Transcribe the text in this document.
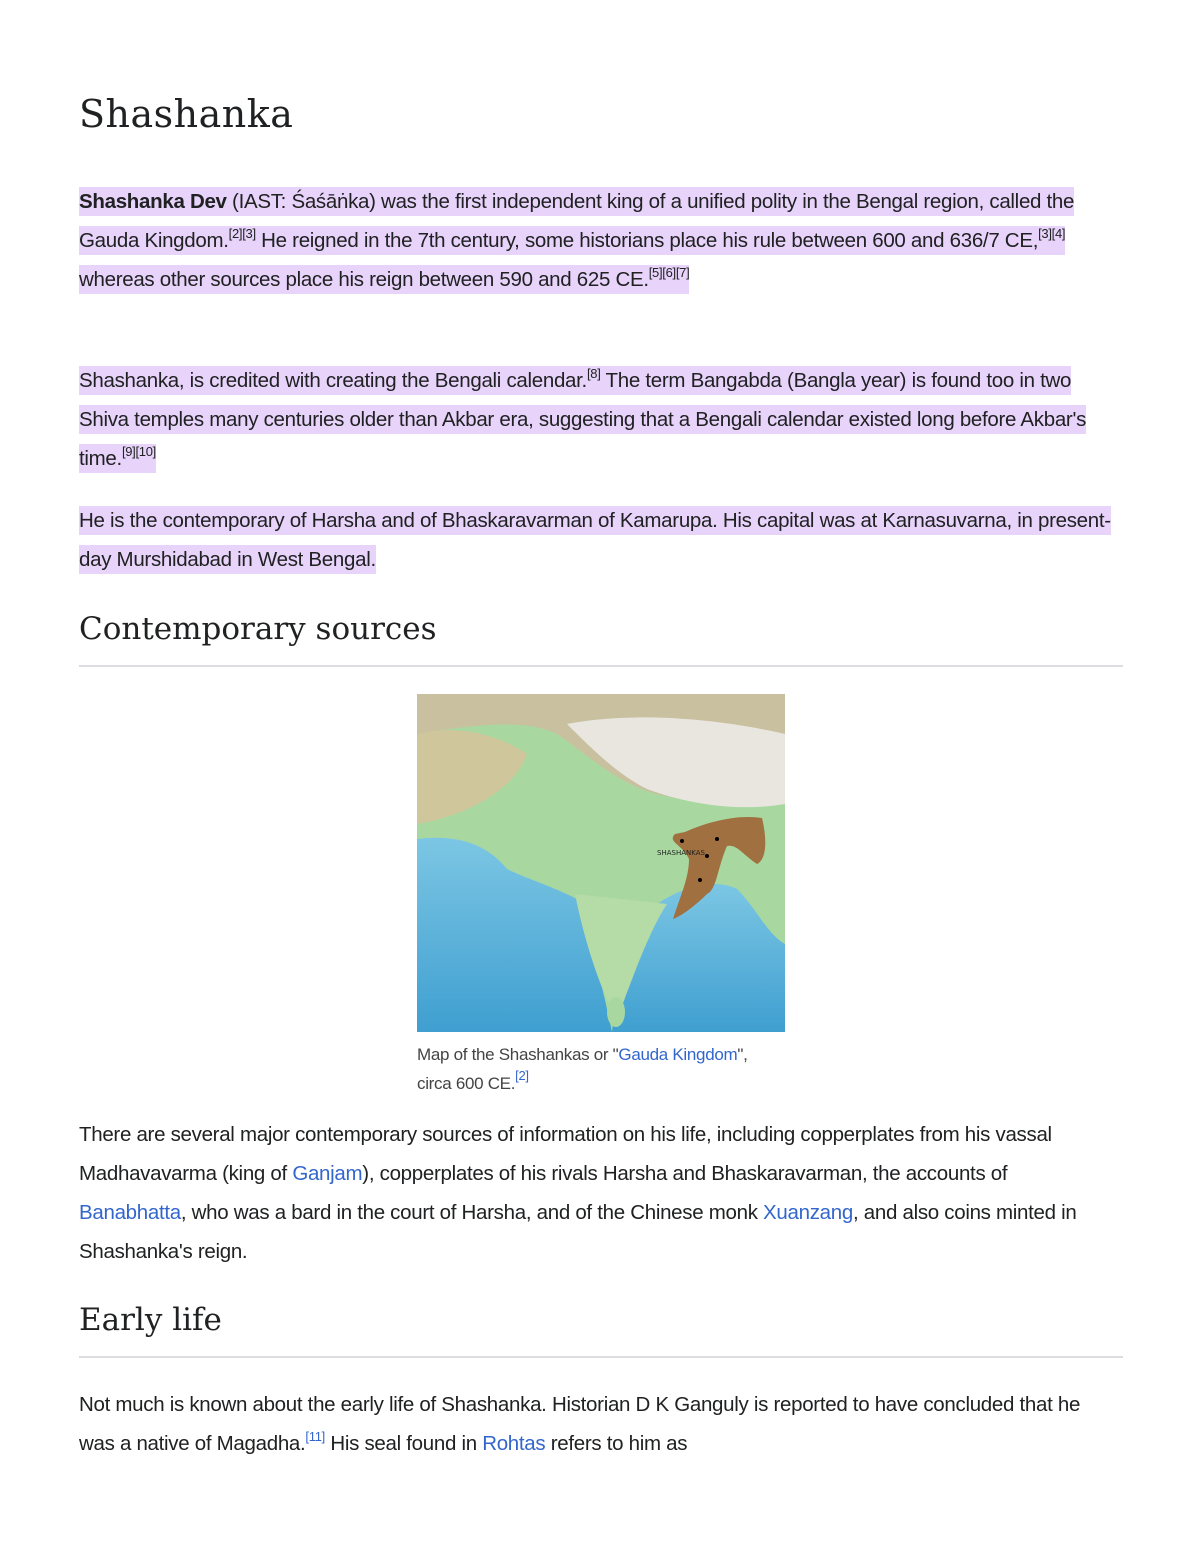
Shashanka

Shashanka Dev (IAST: Śaśāṅka) was the first independent king of a unified polity in the Bengal region, called the Gauda Kingdom.[2][3] He reigned in the 7th century, some historians place his rule between 600 and 636/7 CE,[3][4] whereas other sources place his reign between 590 and 625 CE.[5][6][7]

Shashanka, is credited with creating the Bengali calendar.[8] The term Bangabda (Bangla year) is found too in two Shiva temples many centuries older than Akbar era, suggesting that a Bengali calendar existed long before Akbar's time.[9][10]

He is the contemporary of Harsha and of Bhaskaravarman of Kamarupa. His capital was at Karnasuvarna, in present-day Murshidabad in West Bengal.

Contemporary sources
SHASHANKAS
Map of the Shashankas or "Gauda Kingdom", circa 600 CE.[2]

There are several major contemporary sources of information on his life, including copperplates from his vassal Madhavavarma (king of Ganjam), copperplates of his rivals Harsha and Bhaskaravarman, the accounts of Banabhatta, who was a bard in the court of Harsha, and of the Chinese monk Xuanzang, and also coins minted in Shashanka's reign.

Early life

Not much is known about the early life of Shashanka. Historian D K Ganguly is reported to have concluded that he was a native of Magadha.[11] His seal found in Rohtas refers to him as
